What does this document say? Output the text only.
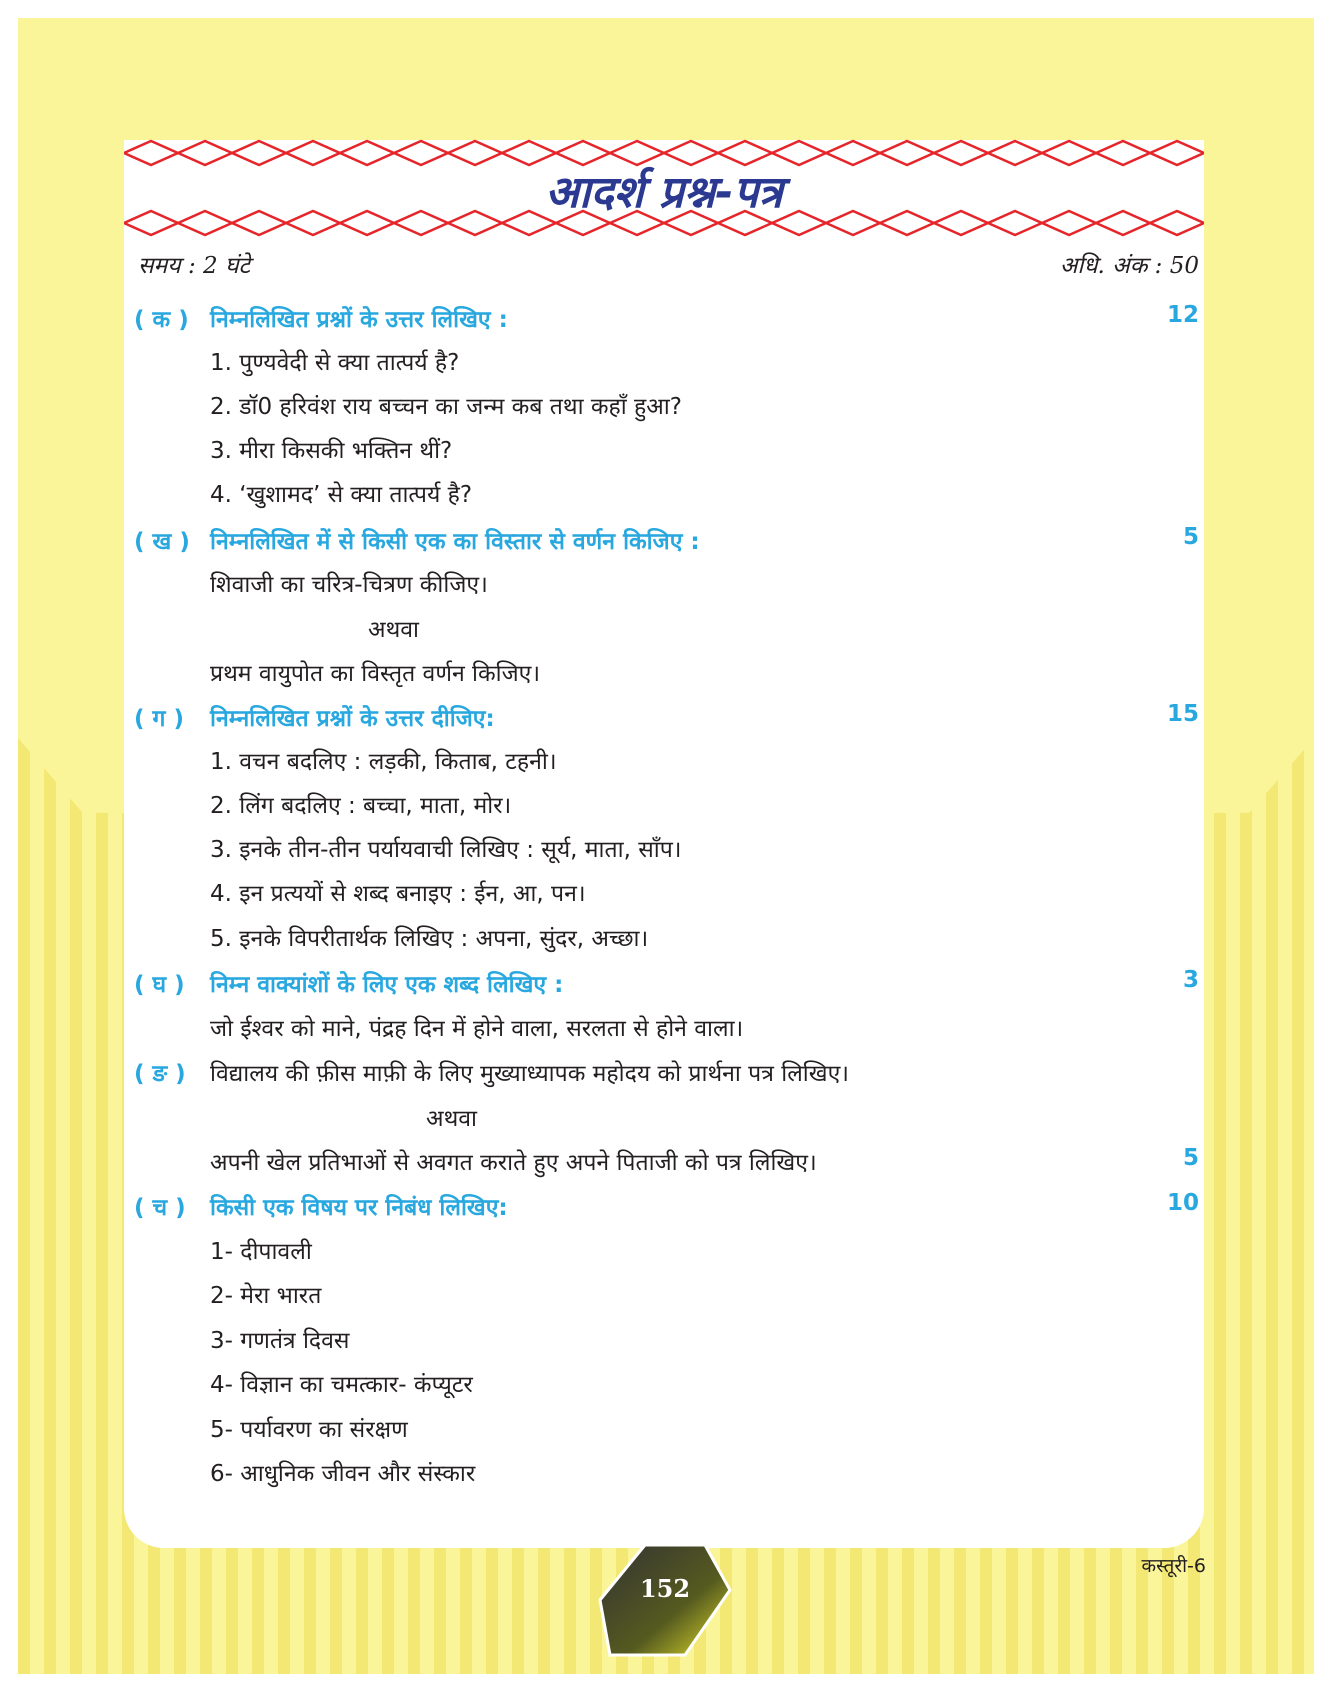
आदर्श प्रश्न-पत्र
समय : 2 घंटे	अधि. अंक : 50
( क ) निम्नलिखित प्रश्नों के उत्तर लिखिए :	12
1. पुण्यवेदी से क्या तात्पर्य है?
2. डॉ0 हरिवंश राय बच्चन का जन्म कब तथा कहाँ हुआ?
3. मीरा किसकी भक्तिन थीं?
4. ‘खुशामद’ से क्या तात्पर्य है?
( ख ) निम्नलिखित में से किसी एक का विस्तार से वर्णन किजिए :	5
शिवाजी का चरित्र-चित्रण कीजिए।
अथवा
प्रथम वायुपोत का विस्तृत वर्णन किजिए।
( ग ) निम्नलिखित प्रश्नों के उत्तर दीजिए:	15
1. वचन बदलिए : लड़की, किताब, टहनी।
2. लिंग बदलिए : बच्चा, माता, मोर।
3. इनके तीन-तीन पर्यायवाची लिखिए : सूर्य, माता, साँप।
4. इन प्रत्ययों से शब्द बनाइए : ईन, आ, पन।
5. इनके विपरीतार्थक लिखिए : अपना, सुंदर, अच्छा।
( घ ) निम्न वाक्यांशों के लिए एक शब्द लिखिए :	3
जो ईश्वर को माने, पंद्रह दिन में होने वाला, सरलता से होने वाला।
( ङ ) विद्यालय की फ़ीस माफ़ी के लिए मुख्याध्यापक महोदय को प्रार्थना पत्र लिखिए।
अथवा
अपनी खेल प्रतिभाओं से अवगत कराते हुए अपने पिताजी को पत्र लिखिए।	5
( च ) किसी एक विषय पर निबंध लिखिए:	10
1- दीपावली
2- मेरा भारत
3- गणतंत्र दिवस
4- विज्ञान का चमत्कार- कंप्यूटर
5- पर्यावरण का संरक्षण
6- आधुनिक जीवन और संस्कार
कस्तूरी-6
152
